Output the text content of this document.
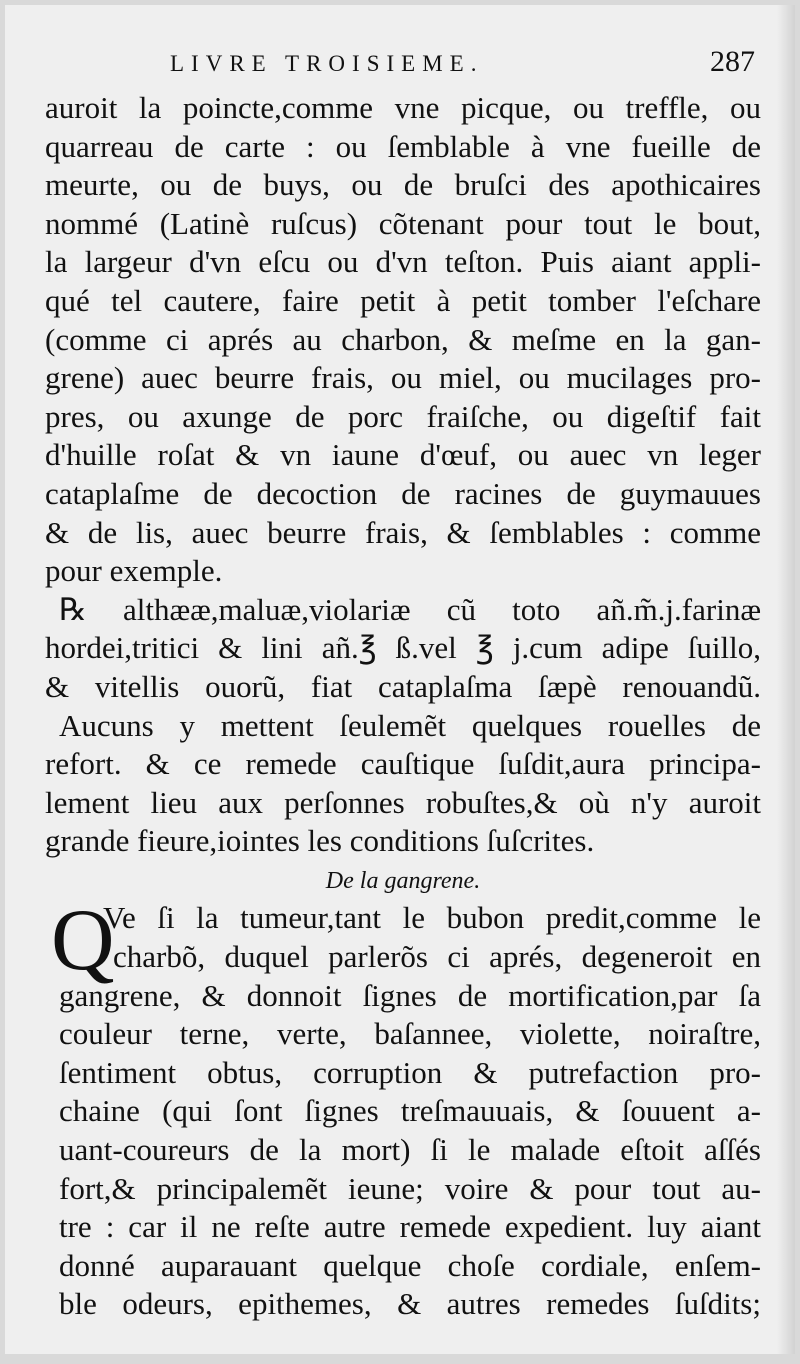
LIVRE TROISIEME.	287
auroit la poincte,comme vne picque, ou treffle, ou
quarreau de carte : ou ſemblable à vne fueille de
meurte, ou de buys, ou de bruſci des apothicaires
nommé (Latinè ruſcus) cõtenant pour tout le bout,
la largeur d'vn eſcu ou d'vn teſton. Puis aiant appli-
qué tel cautere, faire petit à petit tomber l'eſchare
(comme ci aprés au charbon, & meſme en la gan-
grene) auec beurre frais, ou miel, ou mucilages pro-
pres, ou axunge de porc fraiſche, ou digeſtif fait
d'huille roſat & vn iaune d'œuf, ou auec vn leger
cataplaſme de decoction de racines de guymauues
& de lis, auec beurre frais, & ſemblables : comme
pour exemple.
℞ althææ,maluæ,violariæ cũ toto añ.m̃.j.farinæ
hordei,tritici & lini añ.℥ ß.vel ℥ j.cum adipe ſuillo,
& vitellis ouorũ, fiat cataplaſma ſæpè renouandũ.
Aucuns y mettent ſeulemẽt quelques rouelles de
refort. & ce remede cauſtique ſuſdit,aura principa-
lement lieu aux perſonnes robuſtes,& où n'y auroit
grande fieure,iointes les conditions ſuſcrites.
De la gangrene.
Q
Ve ſi la tumeur,tant le bubon predit,comme le
charbõ, duquel parlerõs ci aprés, degeneroit en
gangrene, & donnoit ſignes de mortification,par ſa
couleur terne, verte, baſannee, violette, noiraſtre,
ſentiment obtus, corruption & putrefaction pro-
chaine (qui ſont ſignes treſmauuais, & ſouuent a-
uant-coureurs de la mort) ſi le malade eſtoit aſſés
fort,& principalemẽt ieune; voire & pour tout au-
tre : car il ne reſte autre remede expedient. luy aiant
donné auparauant quelque choſe cordiale, enſem-
ble odeurs, epithemes, & autres remedes ſuſdits;
